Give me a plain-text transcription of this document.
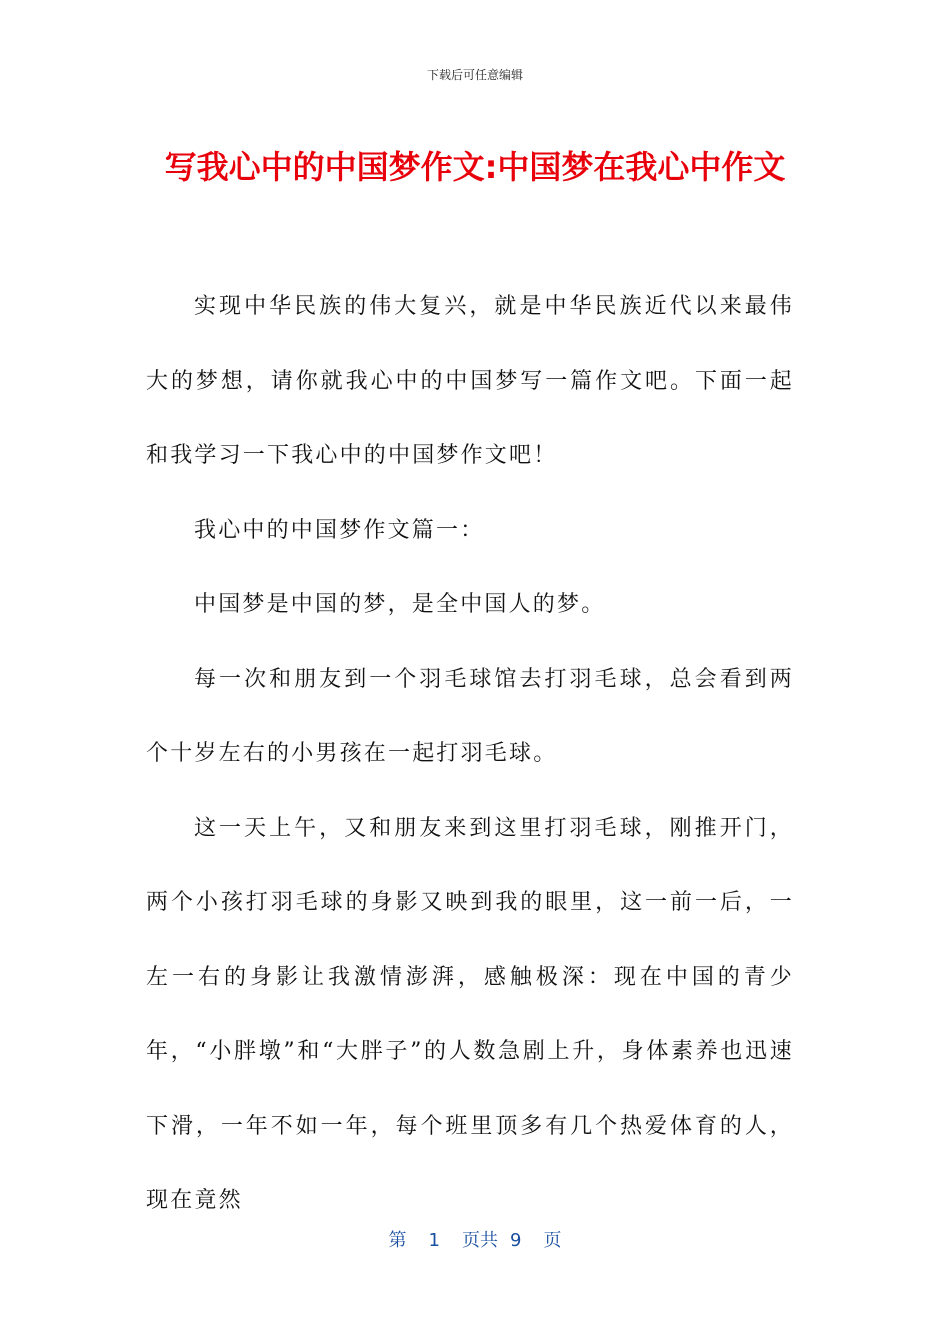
下载后可任意编辑
写我心中的中国梦作文:中国梦在我心中作文

实现中华民族的伟大复兴，就是中华民族近代以来最伟大的梦想，请你就我心中的中国梦写一篇作文吧。下面一起和我学习一下我心中的中国梦作文吧！

我心中的中国梦作文篇一：

中国梦是中国的梦，是全中国人的梦。

每一次和朋友到一个羽毛球馆去打羽毛球，总会看到两个十岁左右的小男孩在一起打羽毛球。

这一天上午，又和朋友来到这里打羽毛球，刚推开门，两个小孩打羽毛球的身影又映到我的眼里，这一前一后，一左一右的身影让我激情澎湃，感触极深：现在中国的青少年，“小胖墩”和“大胖子”的人数急剧上升，身体素养也迅速下滑，一年不如一年，每个班里顶多有几个热爱体育的人，现在竟然

第 1 页共 9 页
